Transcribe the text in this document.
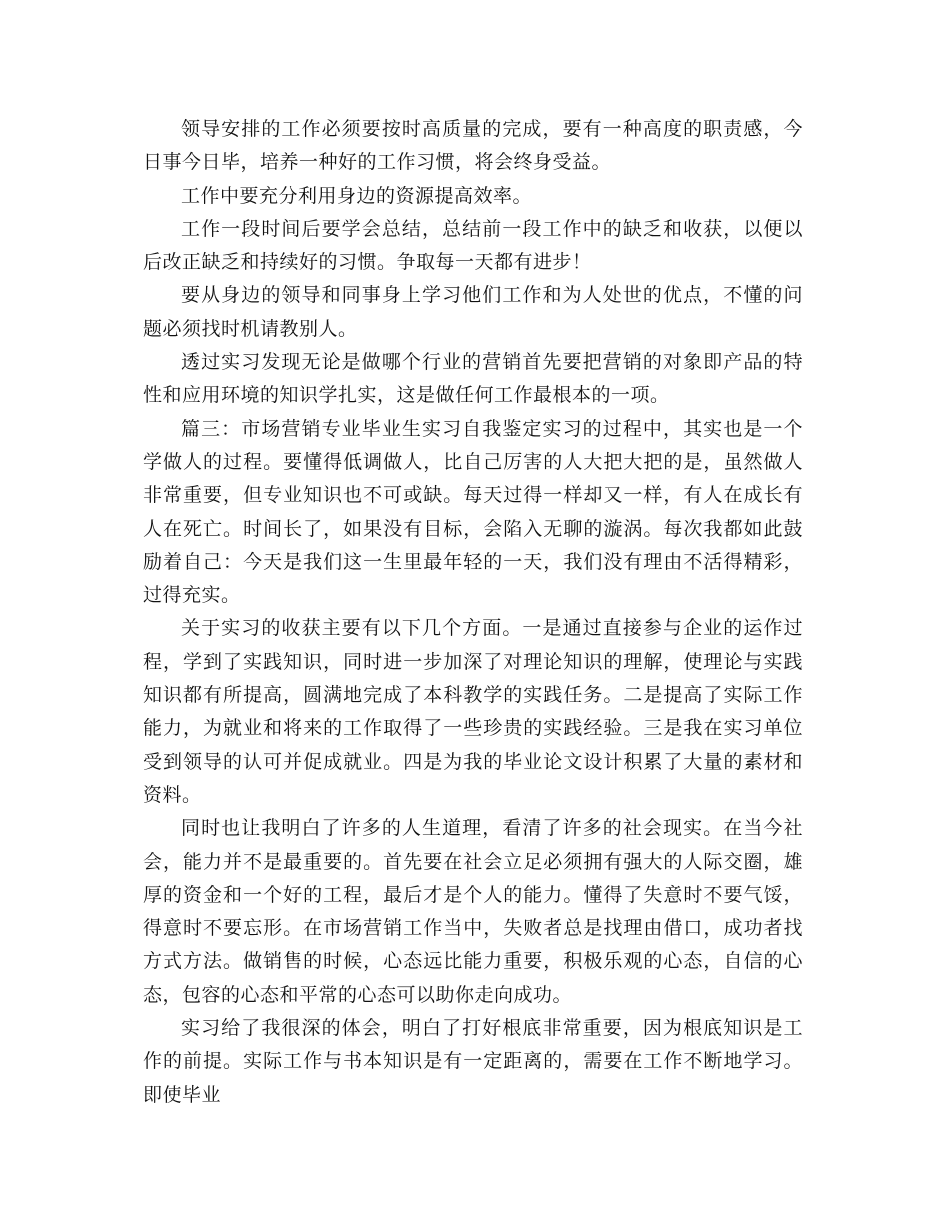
领导安排的工作必须要按时高质量的完成，要有一种高度的职责感，今日事今日毕，培养一种好的工作习惯，将会终身受益。

工作中要充分利用身边的资源提高效率。

工作一段时间后要学会总结，总结前一段工作中的缺乏和收获，以便以后改正缺乏和持续好的习惯。争取每一天都有进步！

要从身边的领导和同事身上学习他们工作和为人处世的优点，不懂的问题必须找时机请教别人。

透过实习发现无论是做哪个行业的营销首先要把营销的对象即产品的特性和应用环境的知识学扎实，这是做任何工作最根本的一项。

篇三：市场营销专业毕业生实习自我鉴定实习的过程中，其实也是一个学做人的过程。要懂得低调做人，比自己厉害的人大把大把的是，虽然做人非常重要，但专业知识也不可或缺。每天过得一样却又一样，有人在成长有人在死亡。时间长了，如果没有目标，会陷入无聊的漩涡。每次我都如此鼓励着自己：今天是我们这一生里最年轻的一天，我们没有理由不活得精彩，过得充实。

关于实习的收获主要有以下几个方面。一是通过直接参与企业的运作过程，学到了实践知识，同时进一步加深了对理论知识的理解，使理论与实践知识都有所提高，圆满地完成了本科教学的实践任务。二是提高了实际工作能力，为就业和将来的工作取得了一些珍贵的实践经验。三是我在实习单位受到领导的认可并促成就业。四是为我的毕业论文设计积累了大量的素材和资料。

同时也让我明白了许多的人生道理，看清了许多的社会现实。在当今社会，能力并不是最重要的。首先要在社会立足必须拥有强大的人际交圈，雄厚的资金和一个好的工程，最后才是个人的能力。懂得了失意时不要气馁，得意时不要忘形。在市场营销工作当中，失败者总是找理由借口，成功者找方式方法。做销售的时候，心态远比能力重要，积极乐观的心态，自信的心态，包容的心态和平常的心态可以助你走向成功。

实习给了我很深的体会，明白了打好根底非常重要，因为根底知识是工作的前提。实际工作与书本知识是有一定距离的，需要在工作不断地学习。即使毕业
